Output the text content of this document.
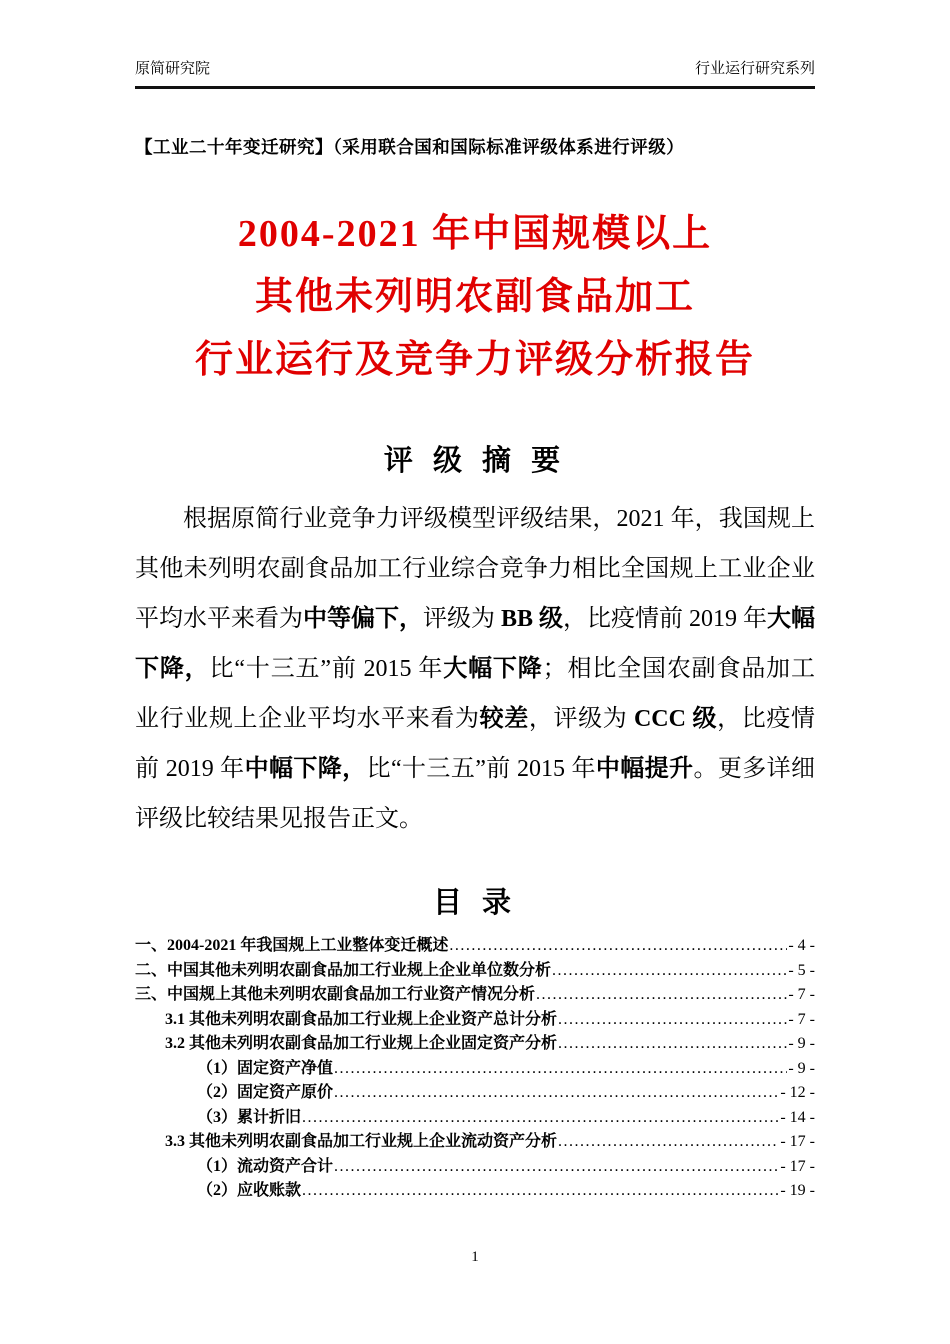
原简研究院	行业运行研究系列
【工业二十年变迁研究】（采用联合国和国际标准评级体系进行评级）
2004-2021 年中国规模以上
其他未列明农副食品加工
行业运行及竞争力评级分析报告
评 级 摘 要

根据原简行业竞争力评级模型评级结果，2021 年，我国规上其他未列明农副食品加工行业综合竞争力相比全国规上工业企业平均水平来看为中等偏下，评级为 BB 级，比疫情前 2019 年大幅下降，比“十三五”前 2015 年大幅下降；相比全国农副食品加工业行业规上企业平均水平来看为较差，评级为 CCC 级，比疫情前 2019 年中幅下降，比“十三五”前 2015 年中幅提升。更多详细评级比较结果见报告正文。

目 录
一、2004-2021 年我国规上工业整体变迁概述 .....	- 4 -
二、中国其他未列明农副食品加工行业规上企业单位数分析 .....	- 5 -
三、中国规上其他未列明农副食品加工行业资产情况分析 .....	- 7 -
3.1 其他未列明农副食品加工行业规上企业资产总计分析 .....	- 7 -
3.2 其他未列明农副食品加工行业规上企业固定资产分析 .....	- 9 -
（1）固定资产净值 .....	- 9 -
（2）固定资产原价 .....	- 12 -
（3）累计折旧 .....	- 14 -
3.3 其他未列明农副食品加工行业规上企业流动资产分析 .....	- 17 -
（1）流动资产合计 .....	- 17 -
（2）应收账款 .....	- 19 -
1
